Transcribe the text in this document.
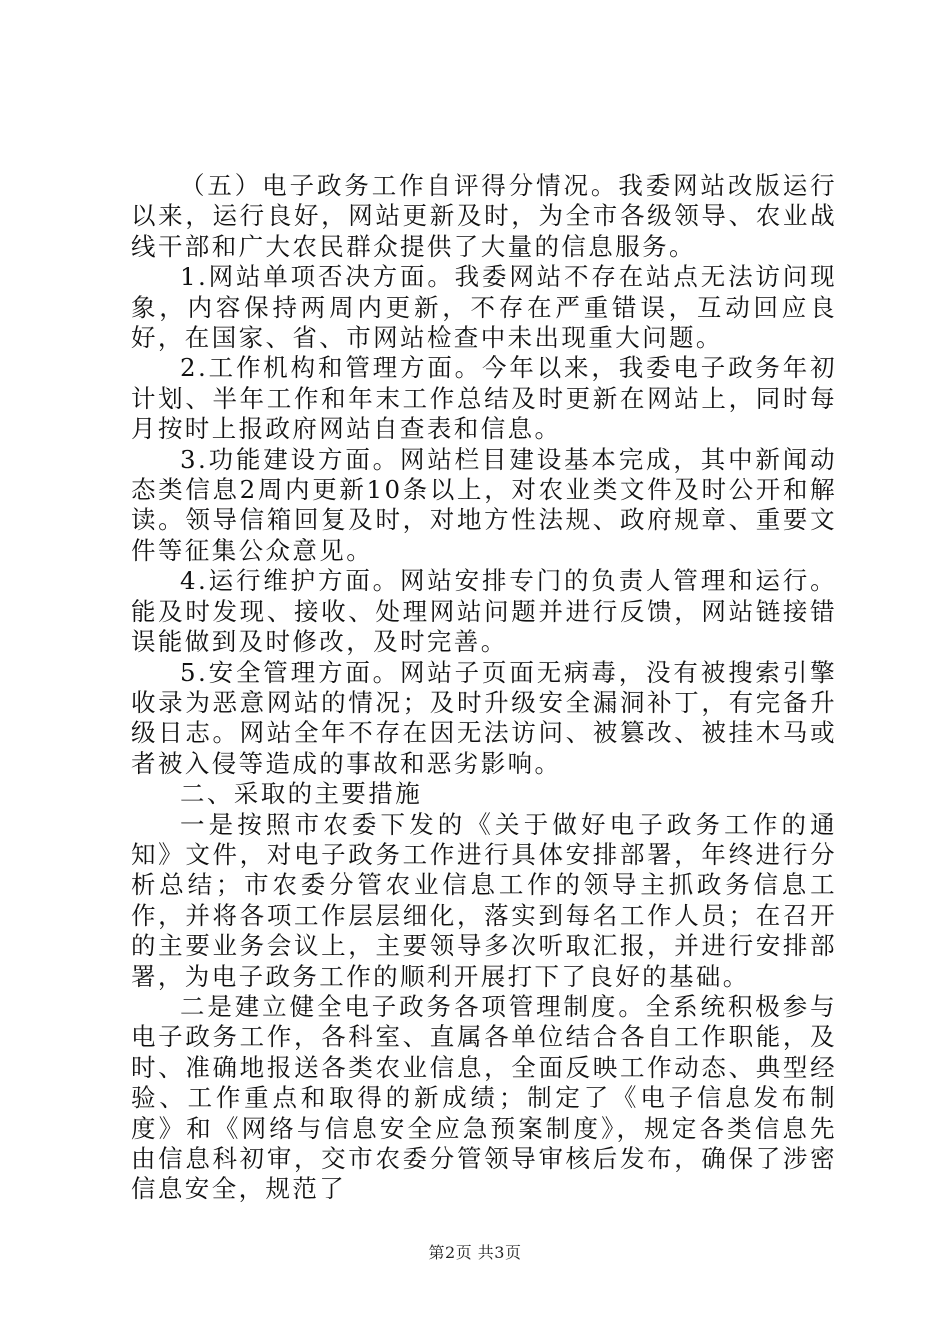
（五）电子政务工作自评得分情况。我委网站改版运行以来，运行良好，网站更新及时，为全市各级领导、农业战线干部和广大农民群众提供了大量的信息服务。

1.网站单项否决方面。我委网站不存在站点无法访问现象，内容保持两周内更新，不存在严重错误，互动回应良好，在国家、省、市网站检查中未出现重大问题。

2.工作机构和管理方面。今年以来，我委电子政务年初计划、半年工作和年末工作总结及时更新在网站上，同时每月按时上报政府网站自查表和信息。

3.功能建设方面。网站栏目建设基本完成，其中新闻动态类信息2周内更新10条以上，对农业类文件及时公开和解读。领导信箱回复及时，对地方性法规、政府规章、重要文件等征集公众意见。

4.运行维护方面。网站安排专门的负责人管理和运行。能及时发现、接收、处理网站问题并进行反馈，网站链接错误能做到及时修改，及时完善。

5.安全管理方面。网站子页面无病毒，没有被搜索引擎收录为恶意网站的情况；及时升级安全漏洞补丁，有完备升级日志。网站全年不存在因无法访问、被篡改、被挂木马或者被入侵等造成的事故和恶劣影响。

二、采取的主要措施

一是按照市农委下发的《关于做好电子政务工作的通知》文件，对电子政务工作进行具体安排部署，年终进行分析总结；市农委分管农业信息工作的领导主抓政务信息工作，并将各项工作层层细化，落实到每名工作人员；在召开的主要业务会议上，主要领导多次听取汇报，并进行安排部署，为电子政务工作的顺利开展打下了良好的基础。

二是建立健全电子政务各项管理制度。全系统积极参与电子政务工作，各科室、直属各单位结合各自工作职能，及时、准确地报送各类农业信息，全面反映工作动态、典型经验、工作重点和取得的新成绩；制定了《电子信息发布制度》和《网络与信息安全应急预案制度》，规定各类信息先由信息科初审，交市农委分管领导审核后发布，确保了涉密信息安全，规范了

第2页 共3页
